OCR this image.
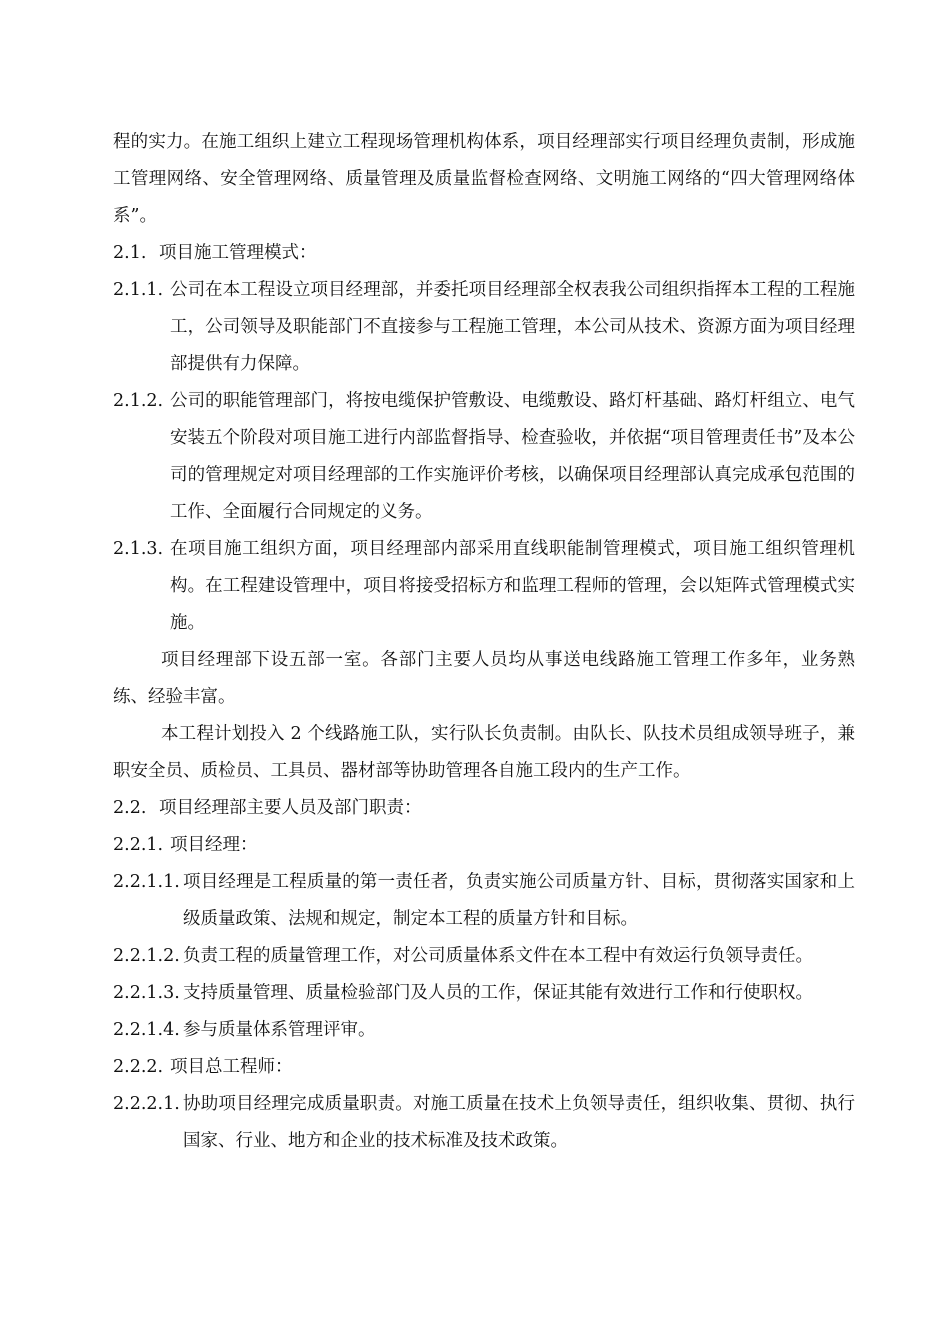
程的实力。在施工组织上建立工程现场管理机构体系，项目经理部实行项目经理负责制，形成施工管理网络、安全管理网络、质量管理及质量监督检查网络、文明施工网络的“四大管理网络体系”。

2.1. 项目施工管理模式：
2.1.1. 公司在本工程设立项目经理部，并委托项目经理部全权表我公司组织指挥本工程的工程施工，公司领导及职能部门不直接参与工程施工管理，本公司从技术、资源方面为项目经理部提供有力保障。
2.1.2. 公司的职能管理部门，将按电缆保护管敷设、电缆敷设、路灯杆基础、路灯杆组立、电气安装五个阶段对项目施工进行内部监督指导、检查验收，并依据“项目管理责任书”及本公司的管理规定对项目经理部的工作实施评价考核，以确保项目经理部认真完成承包范围的工作、全面履行合同规定的义务。
2.1.3. 在项目施工组织方面，项目经理部内部采用直线职能制管理模式，项目施工组织管理机构。在工程建设管理中，项目将接受招标方和监理工程师的管理，会以矩阵式管理模式实施。

项目经理部下设五部一室。各部门主要人员均从事送电线路施工管理工作多年，业务熟练、经验丰富。

本工程计划投入 2 个线路施工队，实行队长负责制。由队长、队技术员组成领导班子，兼职安全员、质检员、工具员、器材部等协助管理各自施工段内的生产工作。

2.2. 项目经理部主要人员及部门职责：
2.2.1. 项目经理：
2.2.1.1. 项目经理是工程质量的第一责任者，负责实施公司质量方针、目标，贯彻落实国家和上级质量政策、法规和规定，制定本工程的质量方针和目标。
2.2.1.2. 负责工程的质量管理工作，对公司质量体系文件在本工程中有效运行负领导责任。
2.2.1.3. 支持质量管理、质量检验部门及人员的工作，保证其能有效进行工作和行使职权。
2.2.1.4. 参与质量体系管理评审。
2.2.2. 项目总工程师：
2.2.2.1. 协助项目经理完成质量职责。对施工质量在技术上负领导责任，组织收集、贯彻、执行国家、行业、地方和企业的技术标准及技术政策。
